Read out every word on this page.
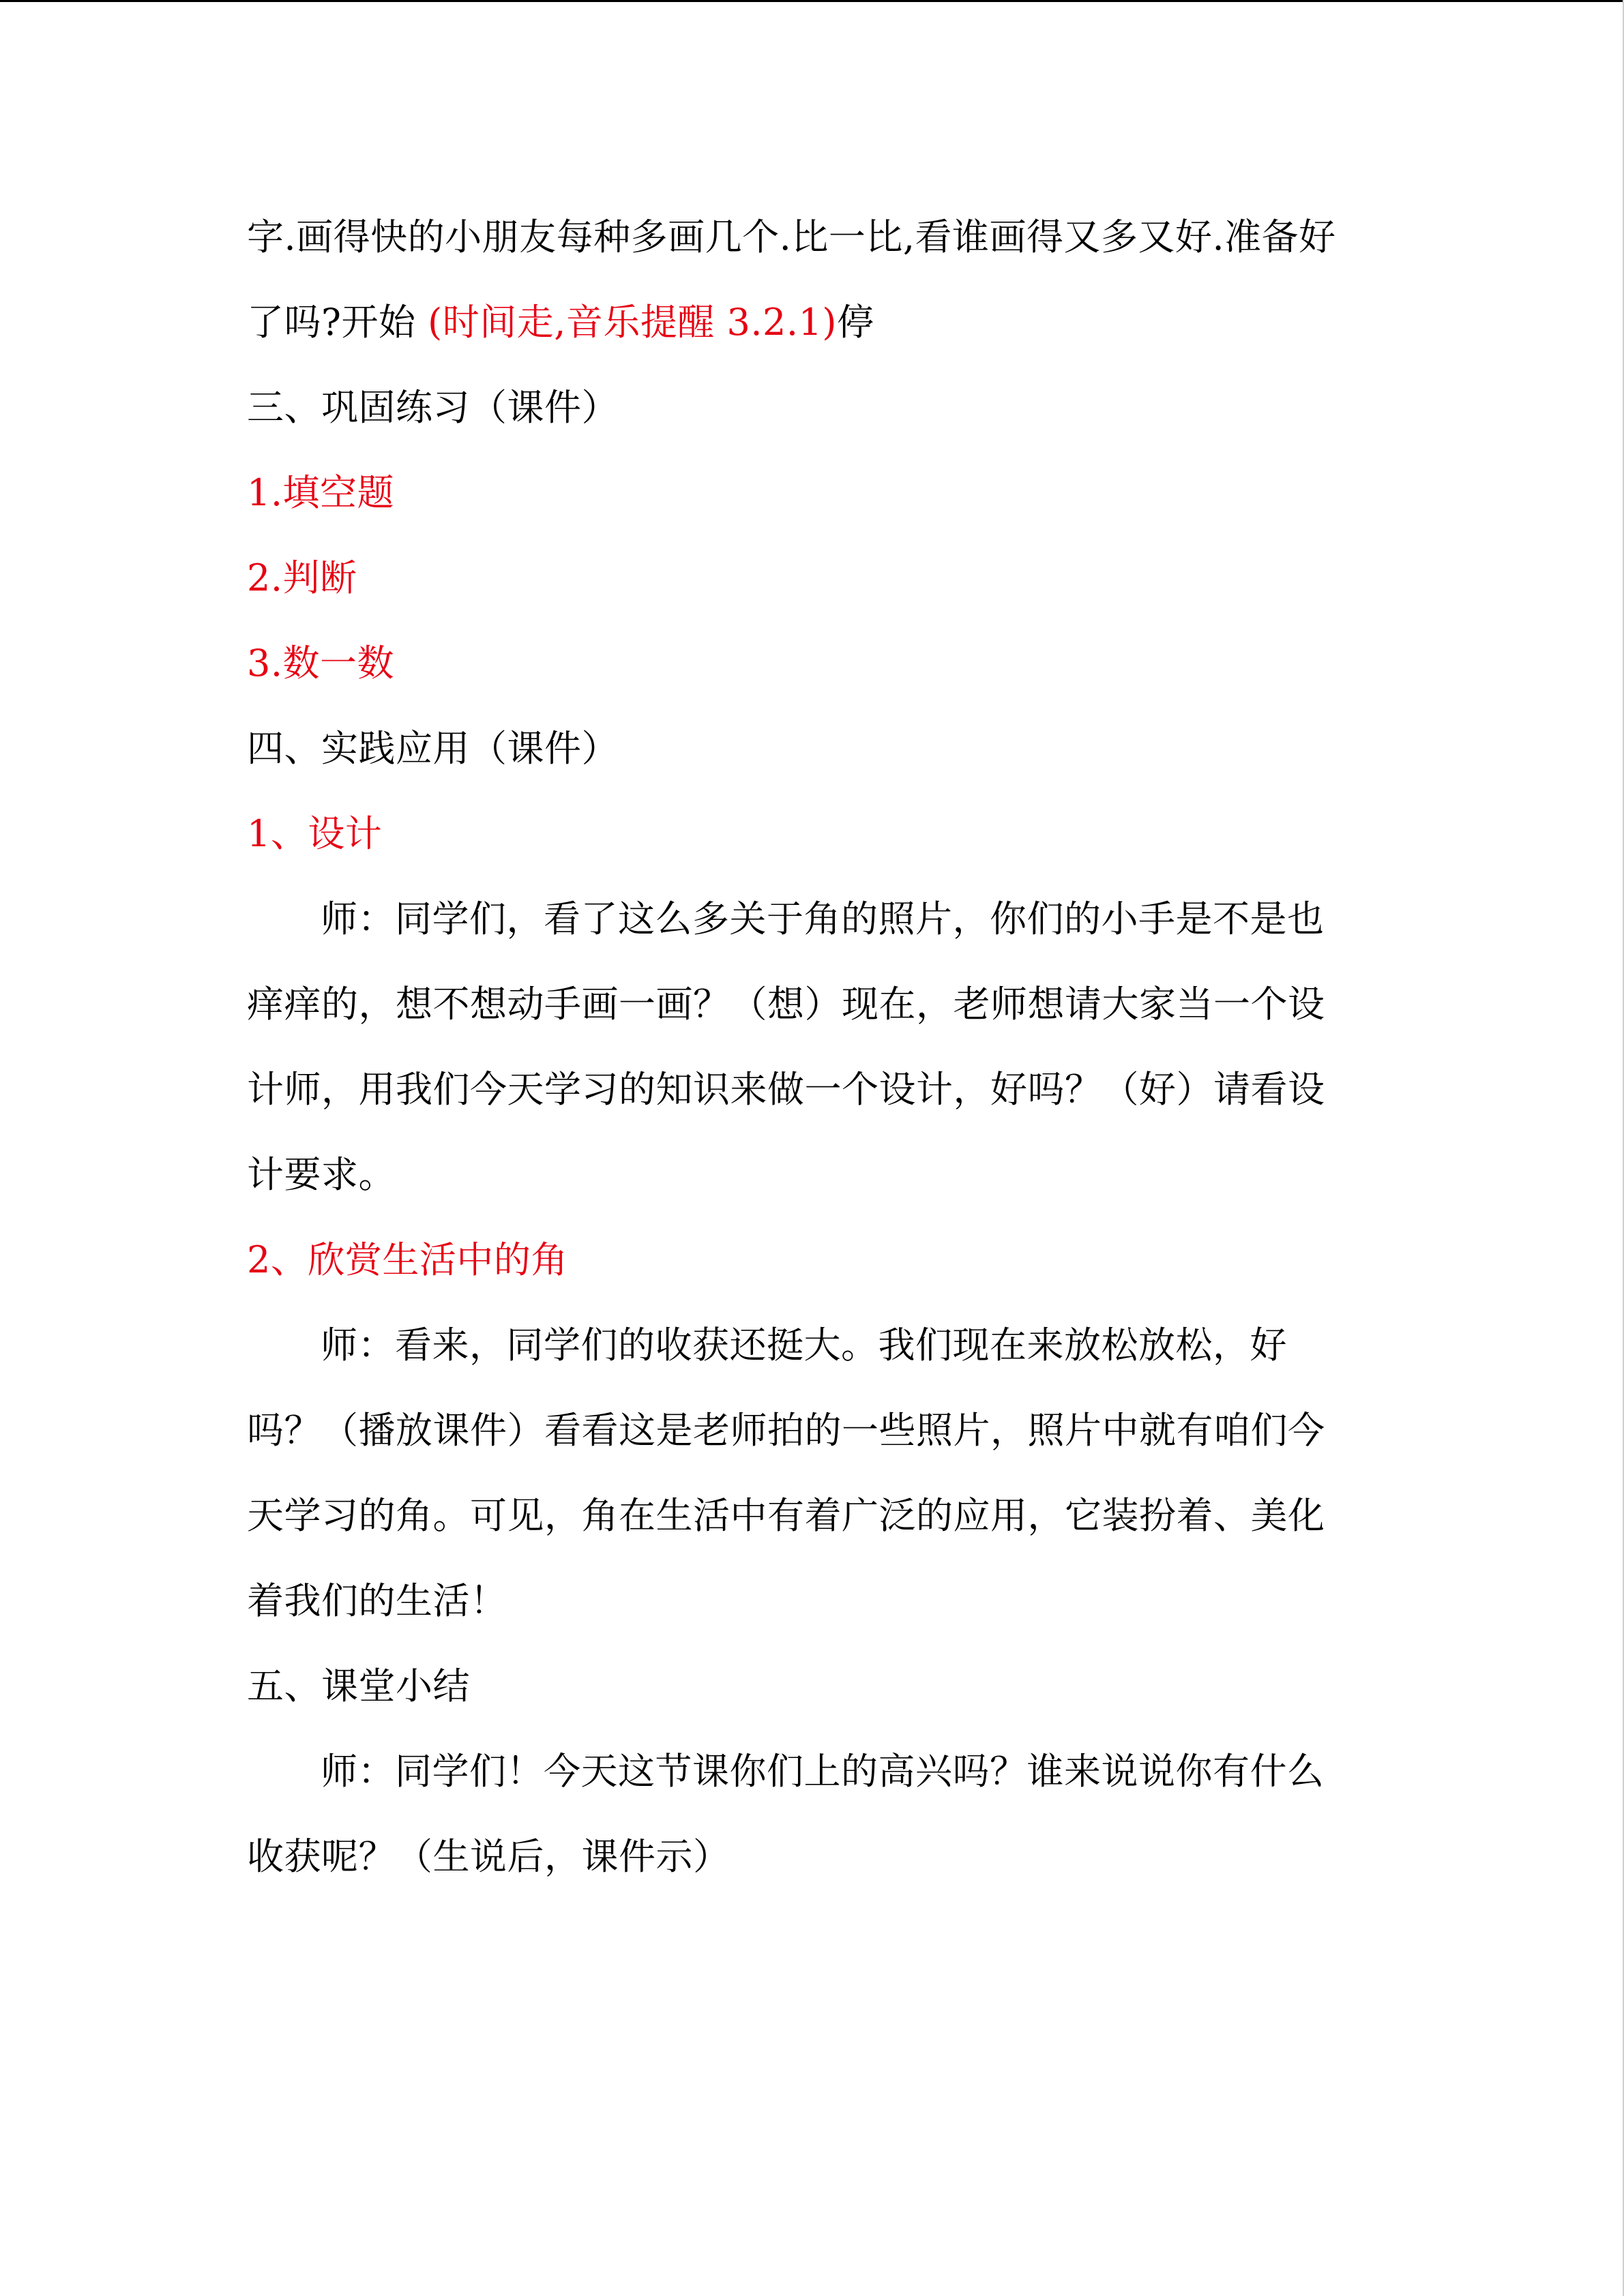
字.画得快的小朋友每种多画几个.比一比,看谁画得又多又好.准备好
了吗?开始 (时间走,音乐提醒 3.2.1)停
三、巩固练习（课件）
1.填空题
2.判断
3.数一数
四、实践应用（课件）
1、设计
师：同学们，看了这么多关于角的照片，你们的小手是不是也
痒痒的，想不想动手画一画？（想）现在，老师想请大家当一个设
计师，用我们今天学习的知识来做一个设计，好吗？（好）请看设
计要求。
2、欣赏生活中的角
师：看来，同学们的收获还挺大。我们现在来放松放松，好
吗？（播放课件）看看这是老师拍的一些照片，照片中就有咱们今
天学习的角。可见，角在生活中有着广泛的应用，它装扮着、美化
着我们的生活！
五、课堂小结
师：同学们！今天这节课你们上的高兴吗？谁来说说你有什么
收获呢？（生说后，课件示）
